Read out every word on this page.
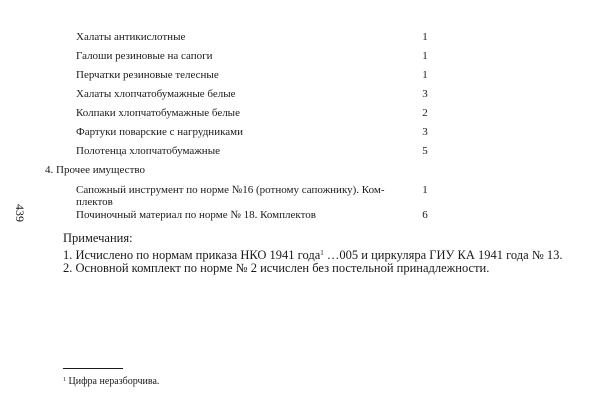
439
Халаты антикислотные	1
Галоши резиновые на сапоги	1
Перчатки резиновые телесные	1
Халаты хлопчатобумажные белые	3
Колпаки хлопчатобумажные белые	2
Фартуки поварские с нагрудниками	3
Полотенца хлопчатобумажные	5
4. Прочее имущество
Сапожный инструмент по норме №16 (ротному сапожнику). Ком-	1
плектов
Починочный материал по норме № 18. Комплектов	6
Примечания:
1. Исчислено по нормам приказа НКО 1941 года$^1$ …005 и циркуляра ГИУ КА 1941 года № 13.
2. Основной комплект по норме № 2 исчислен без постельной принадлежности.
$^1$ Цифра неразборчива.
